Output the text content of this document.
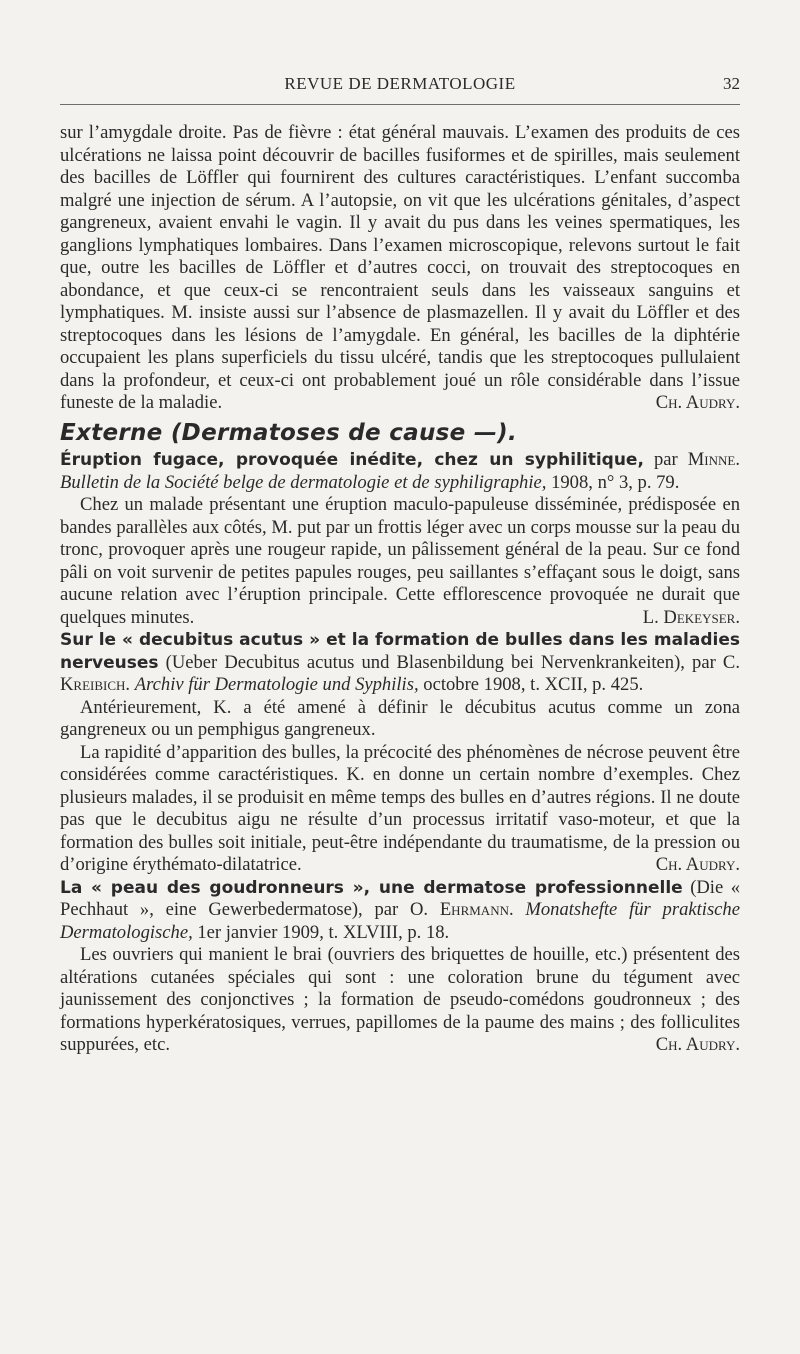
REVUE DE DERMATOLOGIE	32

sur l’amygdale droite. Pas de fièvre : état général mauvais. L’examen des produits de ces ulcérations ne laissa point découvrir de bacilles fusiformes et de spirilles, mais seulement des bacilles de Löffler qui fournirent des cultures caractéristiques. L’enfant succomba malgré une injection de sérum. A l’autopsie, on vit que les ulcérations génitales, d’aspect gangreneux, avaient envahi le vagin. Il y avait du pus dans les veines spermatiques, les ganglions lymphatiques lombaires. Dans l’examen microscopique, relevons surtout le fait que, outre les bacilles de Löffler et d’autres cocci, on trouvait des streptocoques en abondance, et que ceux-ci se rencontraient seuls dans les vaisseaux sanguins et lymphatiques. M. insiste aussi sur l’absence de plasmazellen. Il y avait du Löffler et des streptocoques dans les lésions de l’amygdale. En général, les bacilles de la diphtérie occupaient les plans superficiels du tissu ulcéré, tandis que les streptocoques pullulaient dans la profondeur, et ceux-ci ont probablement joué un rôle considérable dans l’issue funeste de la maladie.	Ch. Audry.

Externe (Dermatoses de cause —).

Éruption fugace, provoquée inédite, chez un syphilitique, par Minne. Bulletin de la Société belge de dermatologie et de syphiligraphie, 1908, n° 3, p. 79.

Chez un malade présentant une éruption maculo-papuleuse disséminée, prédisposée en bandes parallèles aux côtés, M. put par un frottis léger avec un corps mousse sur la peau du tronc, provoquer après une rougeur rapide, un pâlissement général de la peau. Sur ce fond pâli on voit survenir de petites papules rouges, peu saillantes s’effaçant sous le doigt, sans aucune relation avec l’éruption principale. Cette efflorescence provoquée ne durait que quelques minutes.	L. Dekeyser.

Sur le « decubitus acutus » et la formation de bulles dans les maladies nerveuses (Ueber Decubitus acutus und Blasenbildung bei Nervenkrankeiten), par C. Kreibich. Archiv für Dermatologie und Syphilis, octobre 1908, t. XCII, p. 425.

Antérieurement, K. a été amené à définir le décubitus acutus comme un zona gangreneux ou un pemphigus gangreneux.

La rapidité d’apparition des bulles, la précocité des phénomènes de nécrose peuvent être considérées comme caractéristiques. K. en donne un certain nombre d’exemples. Chez plusieurs malades, il se produisit en même temps des bulles en d’autres régions. Il ne doute pas que le decubitus aigu ne résulte d’un processus irritatif vaso-moteur, et que la formation des bulles soit initiale, peut-être indépendante du traumatisme, de la pression ou d’origine érythémato-dilatatrice.	Ch. Audry.

La « peau des goudronneurs », une dermatose professionnelle (Die « Pechhaut », eine Gewerbedermatose), par O. Ehrmann. Monatshefte für praktische Dermatologische, 1er janvier 1909, t. XLVIII, p. 18.

Les ouvriers qui manient le brai (ouvriers des briquettes de houille, etc.) présentent des altérations cutanées spéciales qui sont : une coloration brune du tégument avec jaunissement des conjonctives ; la formation de pseudo-comédons goudronneux ; des formations hyperkératosiques, verrues, papillomes de la paume des mains ; des folliculites suppurées, etc.	Ch. Audry.
